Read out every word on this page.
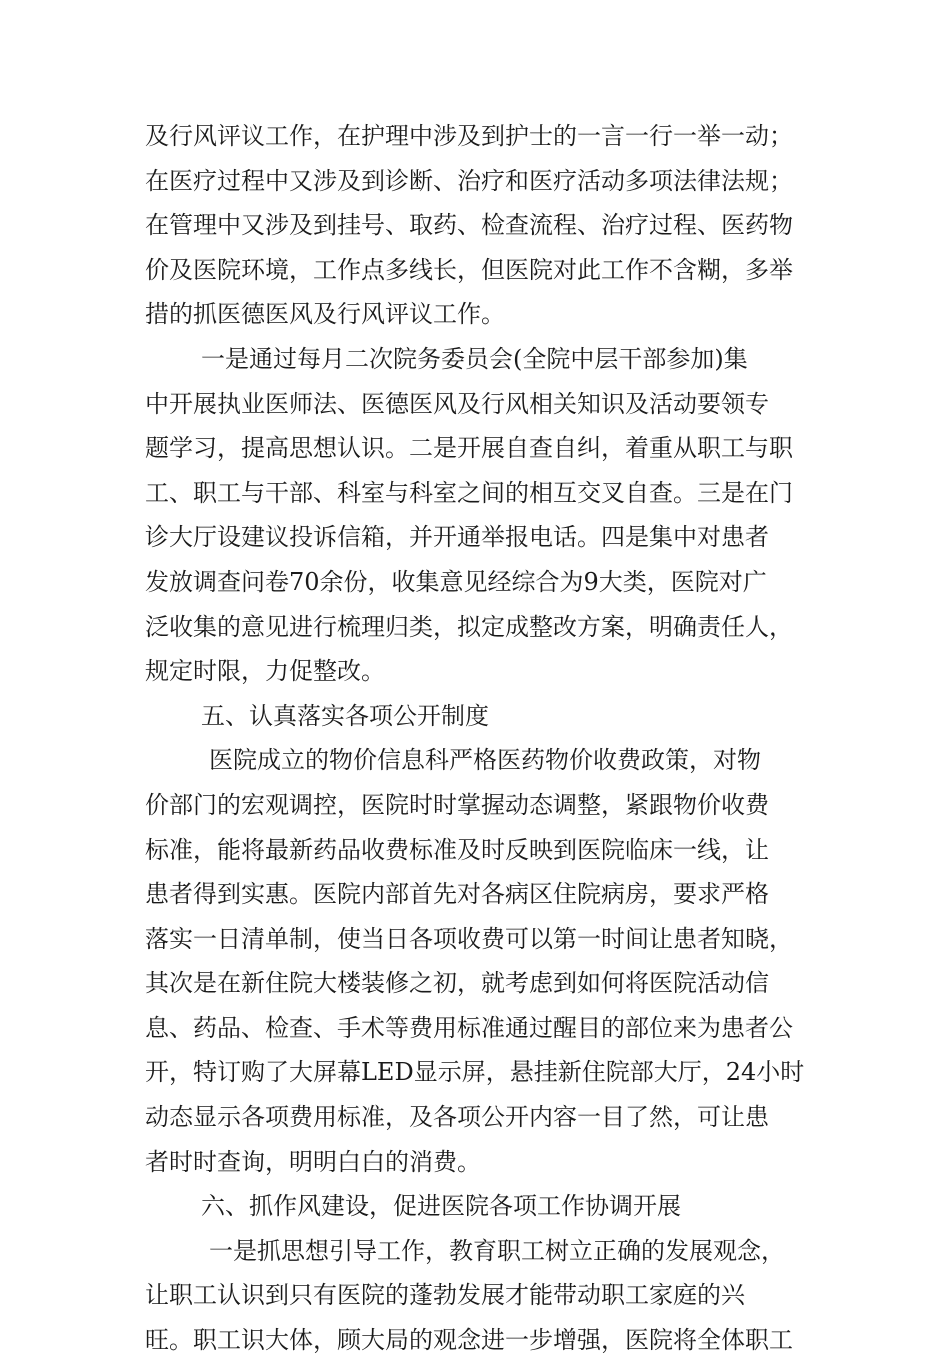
及行风评议工作，在护理中涉及到护士的一言一行一举一动；
在医疗过程中又涉及到诊断、治疗和医疗活动多项法律法规；
在管理中又涉及到挂号、取药、检查流程、治疗过程、医药物
价及医院环境，工作点多线长，但医院对此工作不含糊，多举
措的抓医德医风及行风评议工作。
一是通过每月二次院务委员会(全院中层干部参加)集
中开展执业医师法、医德医风及行风相关知识及活动要领专
题学习，提高思想认识。二是开展自查自纠，着重从职工与职
工、职工与干部、科室与科室之间的相互交叉自查。三是在门
诊大厅设建议投诉信箱，并开通举报电话。四是集中对患者
发放调查问卷70余份，收集意见经综合为9大类，医院对广
泛收集的意见进行梳理归类，拟定成整改方案，明确责任人，
规定时限，力促整改。
五、认真落实各项公开制度
医院成立的物价信息科严格医药物价收费政策，对物
价部门的宏观调控，医院时时掌握动态调整，紧跟物价收费
标准，能将最新药品收费标准及时反映到医院临床一线，让
患者得到实惠。医院内部首先对各病区住院病房，要求严格
落实一日清单制，使当日各项收费可以第一时间让患者知晓，
其次是在新住院大楼装修之初，就考虑到如何将医院活动信
息、药品、检查、手术等费用标准通过醒目的部位来为患者公
开，特订购了大屏幕LED显示屏，悬挂新住院部大厅，24小时
动态显示各项费用标准，及各项公开内容一目了然，可让患
者时时查询，明明白白的消费。
六、抓作风建设，促进医院各项工作协调开展
一是抓思想引导工作，教育职工树立正确的发展观念，
让职工认识到只有医院的蓬勃发展才能带动职工家庭的兴
旺。职工识大体，顾大局的观念进一步增强，医院将全体职工
